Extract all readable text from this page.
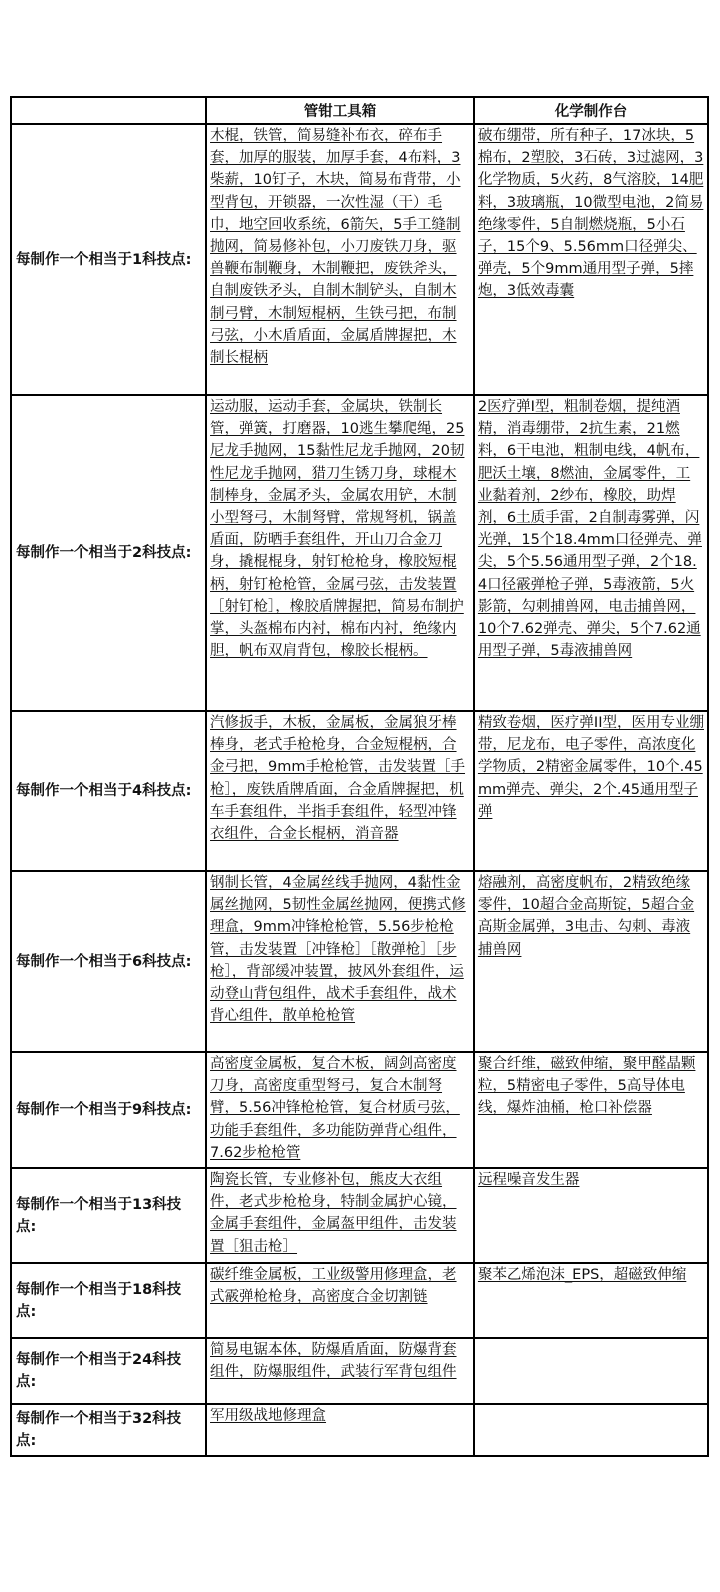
	管钳工具箱	化学制作台
每制作一个相当于1科技点:	木棍，铁管，简易缝补布衣，碎布手套，加厚的服装，加厚手套，4布料，3柴薪，10钉子，木块，简易布背带，小型背包，开锁器，一次性湿（干）毛巾，地空回收系统，6箭矢，5手工缝制抛网，简易修补包，小刀废铁刀身，驱兽鞭布制鞭身，木制鞭把，废铁斧头，自制废铁矛头，自制木制铲头，自制木制弓臂，木制短棍柄，生铁弓把，布制弓弦，小木盾盾面，金属盾牌握把，木制长棍柄	破布绷带，所有种子，17冰块，5棉布，2塑胶，3石砖，3过滤网，3化学物质，5火药，8气溶胶，14肥料，3玻璃瓶，10微型电池，2简易绝缘零件，5自制燃烧瓶，5小石子，15个9、5.56mm口径弹尖、弹壳，5个9mm通用型子弹，5摔炮，3低效毒囊
每制作一个相当于2科技点:	运动服，运动手套，金属块，铁制长管，弹簧，打磨器，10逃生攀爬绳，25尼龙手抛网，15黏性尼龙手抛网，20韧性尼龙手抛网，猎刀生锈刀身，球棍木制棒身，金属矛头，金属农用铲，木制小型弩弓，木制弩臂，常规弩机，锅盖盾面，防晒手套组件，开山刀合金刀身，撬棍棍身，射钉枪枪身，橡胶短棍柄，射钉枪枪管，金属弓弦，击发装置［射钉枪］，橡胶盾牌握把，简易布制护掌，头盔棉布内衬，棉布内衬，绝缘内胆，帆布双肩背包，橡胶长棍柄。	2医疗弹I型，粗制卷烟，提纯酒精，消毒绷带，2抗生素，21燃料，6干电池，粗制电线，4帆布，肥沃土壤，8燃油，金属零件，工业黏着剂，2纱布，橡胶，助焊剂，6土质手雷，2自制毒雾弹，闪光弹，15个18.4mm口径弹壳、弹尖，5个5.56通用型子弹，2个18.4口径霰弹枪子弹，5毒液箭，5火影箭，勾刺捕兽网，电击捕兽网，10个7.62弹壳、弹尖，5个7.62通用型子弹，5毒液捕兽网
每制作一个相当于4科技点:	汽修扳手，木板，金属板，金属狼牙棒棒身，老式手枪枪身，合金短棍柄，合金弓把，9mm手枪枪管，击发装置［手枪］，废铁盾牌盾面，合金盾牌握把，机车手套组件，半指手套组件，轻型冲锋衣组件，合金长棍柄，消音器	精致卷烟，医疗弹II型，医用专业绷带，尼龙布，电子零件，高浓度化学物质，2精密金属零件，10个.45mm弹壳、弹尖，2个.45通用型子弹
每制作一个相当于6科技点:	钢制长管，4金属丝线手抛网，4黏性金属丝抛网，5韧性金属丝抛网，便携式修理盒，9mm冲锋枪枪管，5.56步枪枪管，击发装置［冲锋枪］［散弹枪］［步枪］，背部缓冲装置，披风外套组件，运动登山背包组件，战术手套组件，战术背心组件，散单枪枪管	熔融剂，高密度帆布，2精致绝缘零件，10超合金高斯锭，5超合金高斯金属弹，3电击、勾刺、毒液捕兽网
每制作一个相当于9科技点:	高密度金属板，复合木板，阔剑高密度刀身，高密度重型弩弓，复合木制弩臂，5.56冲锋枪枪管，复合材质弓弦，功能手套组件，多功能防弹背心组件，7.62步枪枪管	聚合纤维，磁致伸缩，聚甲醛晶颗粒，5精密电子零件，5高导体电线，爆炸油桶，枪口补偿器
每制作一个相当于13科技点:	陶瓷长管，专业修补包，熊皮大衣组件，老式步枪枪身，特制金属护心镜，金属手套组件，金属盔甲组件，击发装置［狙击枪］	远程噪音发生器
每制作一个相当于18科技点:	碳纤维金属板，工业级警用修理盒，老式霰弹枪枪身，高密度合金切割链	聚苯乙烯泡沫_EPS，超磁致伸缩
每制作一个相当于24科技点:	简易电锯本体，防爆盾盾面，防爆背套组件，防爆服组件，武装行军背包组件	
每制作一个相当于32科技点:	军用级战地修理盒	
